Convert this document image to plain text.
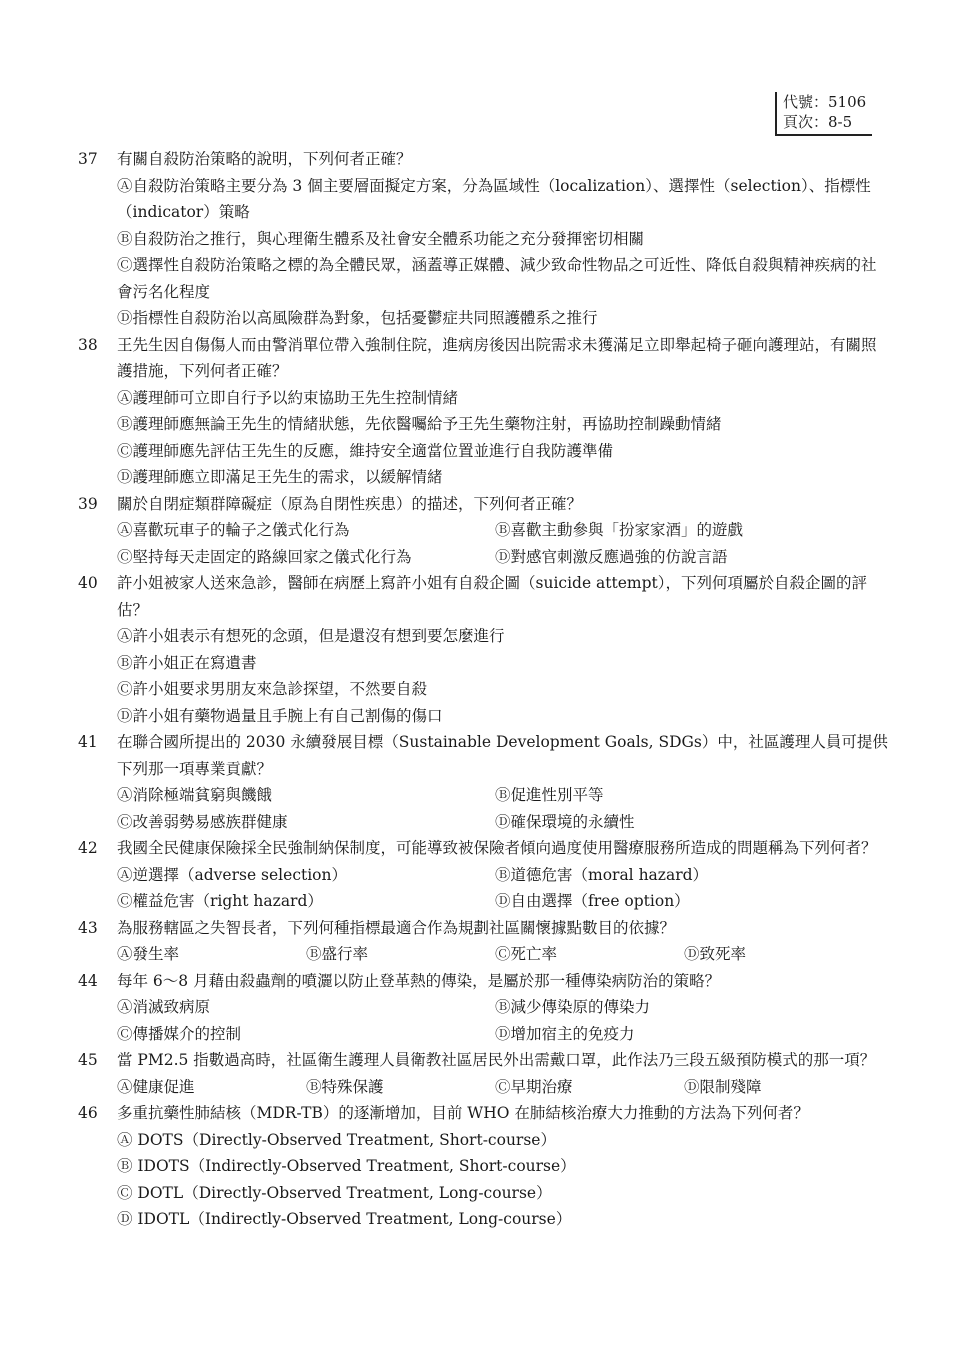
代號：5106
頁次：8-5
37	有關自殺防治策略的說明，下列何者正確？
Ⓐ自殺防治策略主要分為 3 個主要層面擬定方案，分為區域性（localization）、選擇性（selection）、指標性（indicator）策略
Ⓑ自殺防治之推行，與心理衛生體系及社會安全體系功能之充分發揮密切相關
Ⓒ選擇性自殺防治策略之標的為全體民眾，涵蓋導正媒體、減少致命性物品之可近性、降低自殺與精神疾病的社會污名化程度
Ⓓ指標性自殺防治以高風險群為對象，包括憂鬱症共同照護體系之推行
38	王先生因自傷傷人而由警消單位帶入強制住院，進病房後因出院需求未獲滿足立即舉起椅子砸向護理站，有關照護措施，下列何者正確？
Ⓐ護理師可立即自行予以約束協助王先生控制情緒
Ⓑ護理師應無論王先生的情緒狀態，先依醫囑給予王先生藥物注射，再協助控制躁動情緒
Ⓒ護理師應先評估王先生的反應，維持安全適當位置並進行自我防護準備
Ⓓ護理師應立即滿足王先生的需求，以緩解情緒
39	關於自閉症類群障礙症（原為自閉性疾患）的描述，下列何者正確？
Ⓐ喜歡玩車子的輪子之儀式化行為	Ⓑ喜歡主動參與「扮家家酒」的遊戲
Ⓒ堅持每天走固定的路線回家之儀式化行為	Ⓓ對感官刺激反應過強的仿說言語
40	許小姐被家人送來急診，醫師在病歷上寫許小姐有自殺企圖（suicide attempt），下列何項屬於自殺企圖的評估？
Ⓐ許小姐表示有想死的念頭，但是還沒有想到要怎麼進行
Ⓑ許小姐正在寫遺書
Ⓒ許小姐要求男朋友來急診探望，不然要自殺
Ⓓ許小姐有藥物過量且手腕上有自己割傷的傷口
41	在聯合國所提出的 2030 永續發展目標（Sustainable Development Goals, SDGs）中，社區護理人員可提供下列那一項專業貢獻？
Ⓐ消除極端貧窮與饑餓	Ⓑ促進性別平等
Ⓒ改善弱勢易感族群健康	Ⓓ確保環境的永續性
42	我國全民健康保險採全民強制納保制度，可能導致被保險者傾向過度使用醫療服務所造成的問題稱為下列何者？
Ⓐ逆選擇（adverse selection）	Ⓑ道德危害（moral hazard）
Ⓒ權益危害（right hazard）	Ⓓ自由選擇（free option）
43	為服務轄區之失智長者，下列何種指標最適合作為規劃社區關懷據點數目的依據？
Ⓐ發生率	Ⓑ盛行率	Ⓒ死亡率	Ⓓ致死率
44	每年 6～8 月藉由殺蟲劑的噴灑以防止登革熱的傳染，是屬於那一種傳染病防治的策略？
Ⓐ消滅致病原	Ⓑ減少傳染原的傳染力
Ⓒ傳播媒介的控制	Ⓓ增加宿主的免疫力
45	當 PM2.5 指數過高時，社區衛生護理人員衛教社區居民外出需戴口罩，此作法乃三段五級預防模式的那一項？
Ⓐ健康促進	Ⓑ特殊保護	Ⓒ早期治療	Ⓓ限制殘障
46	多重抗藥性肺結核（MDR-TB）的逐漸增加，目前 WHO 在肺結核治療大力推動的方法為下列何者？
Ⓐ DOTS（Directly-Observed Treatment, Short-course）
Ⓑ IDOTS（Indirectly-Observed Treatment, Short-course）
Ⓒ DOTL（Directly-Observed Treatment, Long-course）
Ⓓ IDOTL（Indirectly-Observed Treatment, Long-course）
